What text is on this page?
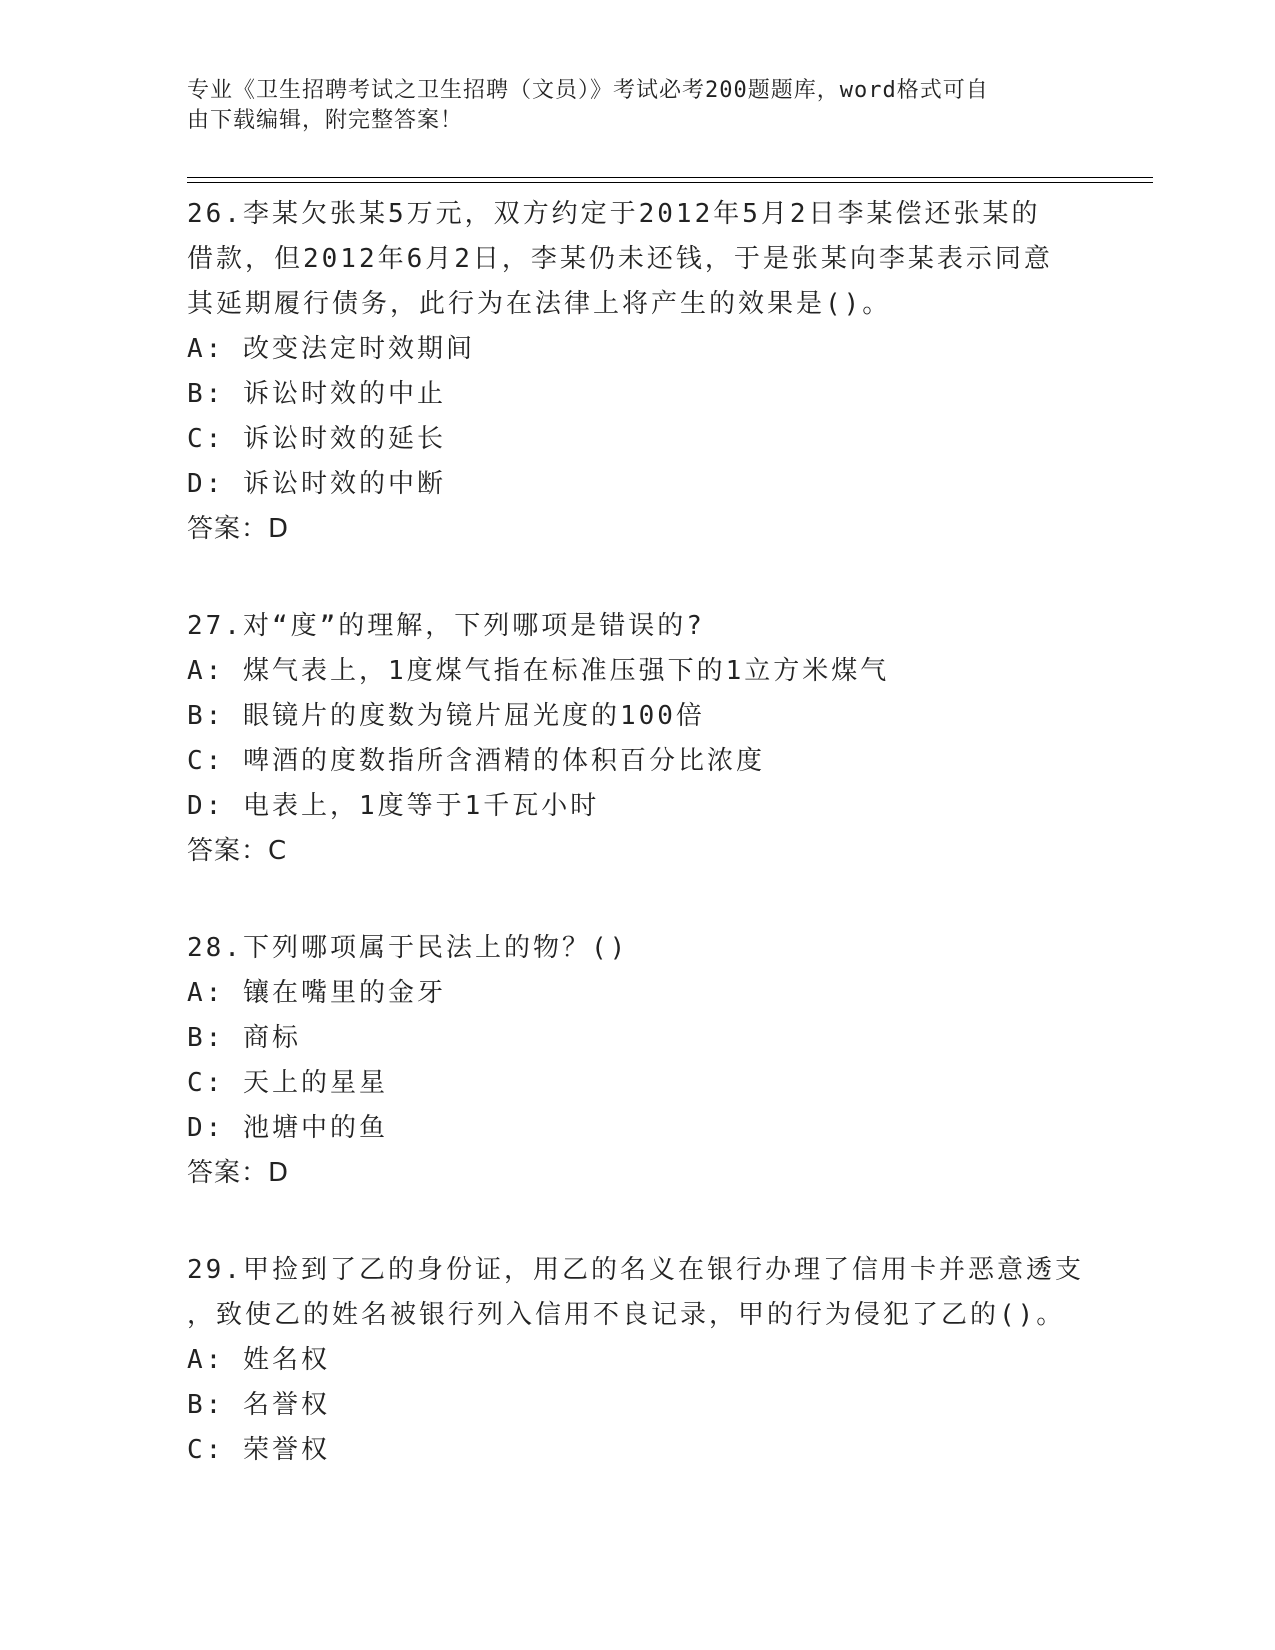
专业《卫生招聘考试之卫生招聘（文员）》考试必考200题题库，word格式可自
由下载编辑，附完整答案！
26.李某欠张某5万元，双方约定于2012年5月2日李某偿还张某的
借款，但2012年6月2日，李某仍未还钱，于是张某向李某表示同意
其延期履行债务，此行为在法律上将产生的效果是()。
A: 改变法定时效期间
B: 诉讼时效的中止
C: 诉讼时效的延长
D: 诉讼时效的中断
答案：D
27.对“度”的理解，下列哪项是错误的?
A: 煤气表上，1度煤气指在标准压强下的1立方米煤气
B: 眼镜片的度数为镜片屈光度的100倍
C: 啤酒的度数指所含酒精的体积百分比浓度
D: 电表上，1度等于1千瓦小时
答案：C
28.下列哪项属于民法上的物？()
A: 镶在嘴里的金牙
B: 商标
C: 天上的星星
D: 池塘中的鱼
答案：D
29.甲捡到了乙的身份证，用乙的名义在银行办理了信用卡并恶意透支
，致使乙的姓名被银行列入信用不良记录，甲的行为侵犯了乙的()。
A: 姓名权
B: 名誉权
C: 荣誉权
